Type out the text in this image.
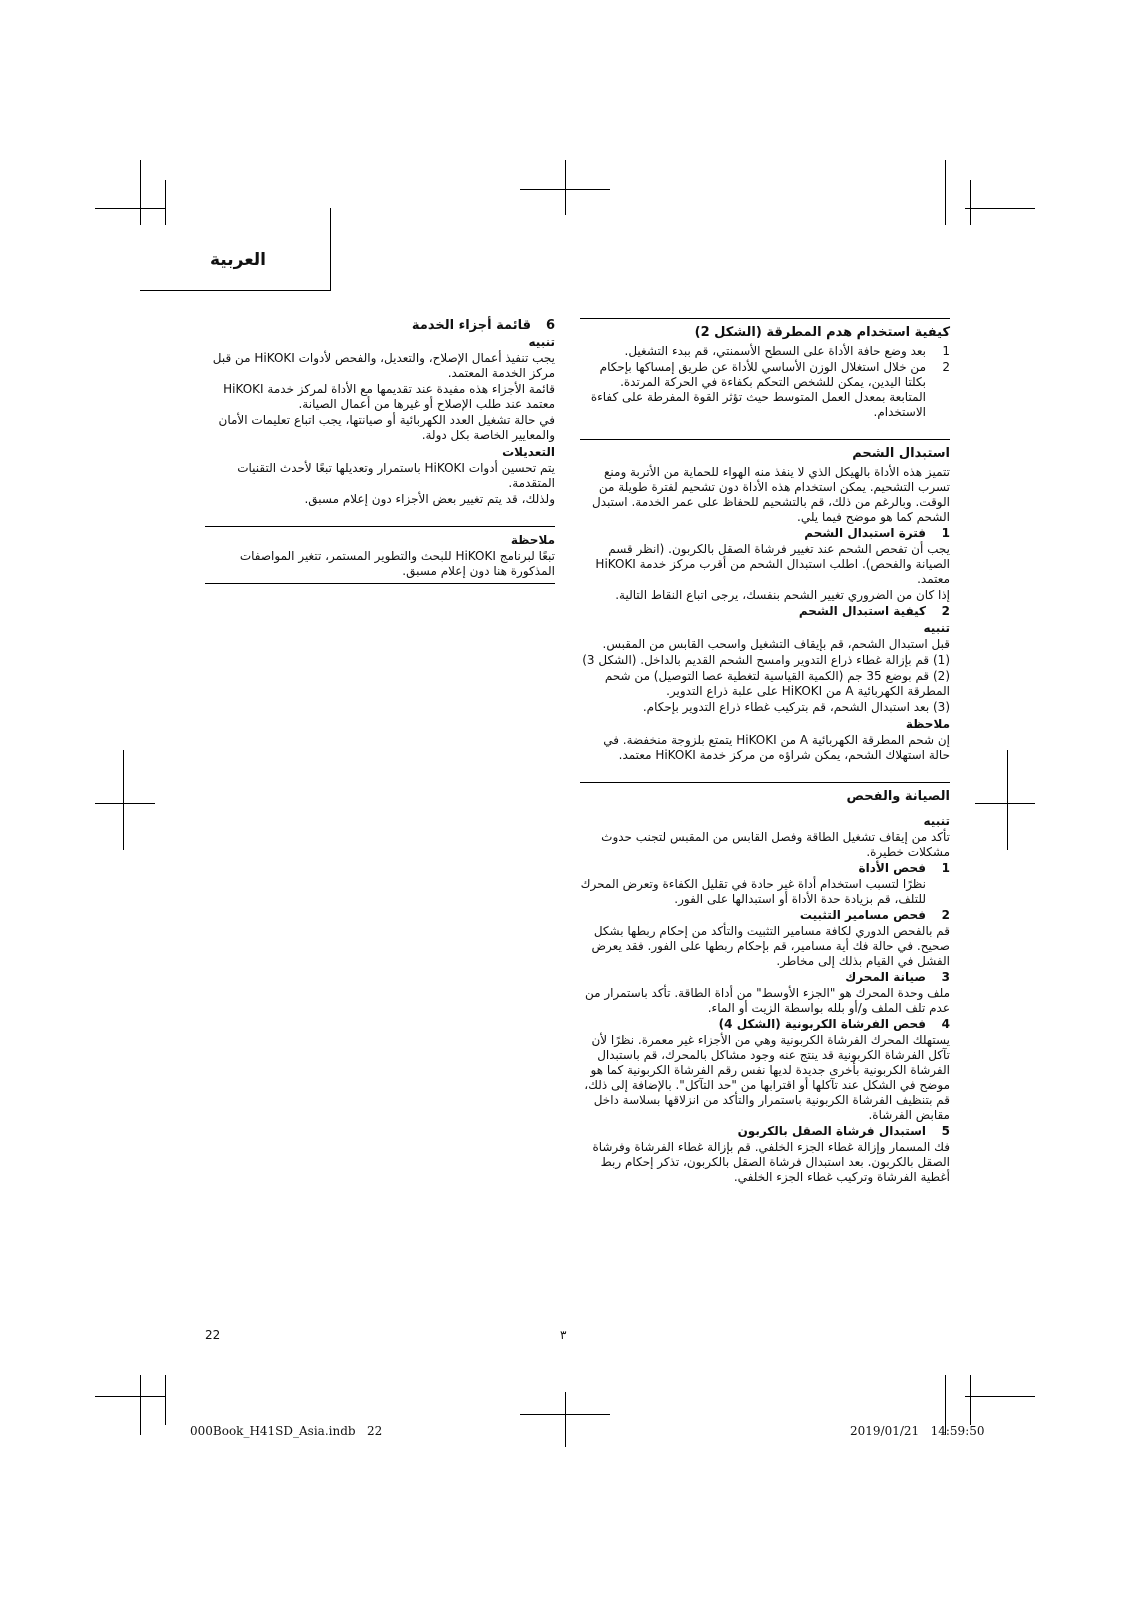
العربية
كيفية استخدام هدم المطرقة (الشكل 2)
1
بعد وضع حافة الأداة على السطح الأسمنتي، قم ببدء التشغيل.
2
من خلال استغلال الوزن الأساسي للأداة عن طريق إمساكها بإحكام بكلتا اليدين، يمكن للشخص التحكم بكفاءة في الحركة المرتدة. المتابعة بمعدل العمل المتوسط حيث تؤثر القوة المفرطة على كفاءة الاستخدام.
استبدال الشحم

تتميز هذه الأداة بالهيكل الذي لا ينفذ منه الهواء للحماية من الأتربة ومنع تسرب التشحيم. يمكن استخدام هذه الأداة دون تشحيم لفترة طويلة من الوقت. وبالرغم من ذلك، قم بالتشحيم للحفاظ على عمر الخدمة. استبدل الشحم كما هو موضح فيما يلي.

1
فترة استبدال الشحم

يجب أن تفحص الشحم عند تغيير فرشاة الصقل بالكربون. (انظر قسم الصيانة والفحص). اطلب استبدال الشحم من أقرب مركز خدمة HiKOKI معتمد.

إذا كان من الضروري تغيير الشحم بنفسك، يرجى اتباع النقاط التالية.

2
كيفية استبدال الشحم
تنبيه

قبل استبدال الشحم، قم بإيقاف التشغيل واسحب القابس من المقبس.

(1) قم بإزالة غطاء ذراع التدوير وامسح الشحم القديم بالداخل. (الشكل 3)

(2) قم بوضع 35 جم (الكمية القياسية لتغطية عصا التوصيل) من شحم المطرقة الكهربائية A من HiKOKI على علبة ذراع التدوير.

(3) بعد استبدال الشحم، قم بتركيب غطاء ذراع التدوير بإحكام.

ملاحظة

إن شحم المطرقة الكهربائية A من HiKOKI يتمتع بلزوجة منخفضة. في حالة استهلاك الشحم، يمكن شراؤه من مركز خدمة HiKOKI معتمد.

الصيانة والفحص
تنبيه

تأكد من إيقاف تشغيل الطاقة وفصل القابس من المقبس لتجنب حدوث مشكلات خطيرة.

1
فحص الأداة

نظرًا لتسبب استخدام أداة غير حادة في تقليل الكفاءة وتعرض المحرك للتلف، قم بزيادة حدة الأداة أو استبدالها على الفور.

2
فحص مسامير التثبيت

قم بالفحص الدوري لكافة مسامير التثبيت والتأكد من إحكام ربطها بشكل صحيح. في حالة فك أية مسامير، قم بإحكام ربطها على الفور. فقد يعرض الفشل في القيام بذلك إلى مخاطر.

3
صيانة المحرك

ملف وحدة المحرك هو "الجزء الأوسط" من أداة الطاقة. تأكد باستمرار من عدم تلف الملف و/أو بلله بواسطة الزيت أو الماء.

4
فحص الفرشاة الكربونية (الشكل 4)

يستهلك المحرك الفرشاة الكربونية وهي من الأجزاء غير معمرة. نظرًا لأن تآكل الفرشاة الكربونية قد ينتج عنه وجود مشاكل بالمحرك، قم باستبدال الفرشاة الكربونية بأخرى جديدة لديها نفس رقم الفرشاة الكربونية كما هو موضح في الشكل عند تآكلها أو اقترابها من "حد التآكل". بالإضافة إلى ذلك، قم بتنظيف الفرشاة الكربونية باستمرار والتأكد من انزلاقها بسلاسة داخل مقابض الفرشاة.

5
استبدال فرشاة الصقل بالكربون

فك المسمار وإزالة غطاء الجزء الخلفي. قم بإزالة غطاء الفرشاة وفرشاة الصقل بالكربون. بعد استبدال فرشاة الصقل بالكربون، تذكر إحكام ربط أغطية الفرشاة وتركيب غطاء الجزء الخلفي.

6
قائمة أجزاء الخدمة
تنبيه

يجب تنفيذ أعمال الإصلاح، والتعديل، والفحص لأدوات HiKOKI من قبل مركز الخدمة المعتمد.

قائمة الأجزاء هذه مفيدة عند تقديمها مع الأداة لمركز خدمة HiKOKI معتمد عند طلب الإصلاح أو غيرها من أعمال الصيانة.

في حالة تشغيل العدد الكهربائية أو صيانتها، يجب اتباع تعليمات الأمان والمعايير الخاصة بكل دولة.

التعديلات

يتم تحسين أدوات HiKOKI باستمرار وتعديلها تبعًا لأحدث التقنيات المتقدمة.

ولذلك، قد يتم تغيير بعض الأجزاء دون إعلام مسبق.

ملاحظة

تبعًا لبرنامج HiKOKI للبحث والتطوير المستمر، تتغير المواصفات المذكورة هنا دون إعلام مسبق.

22	٣
000Book_H41SD_Asia.indb   22	2019/01/21   14:59:50
